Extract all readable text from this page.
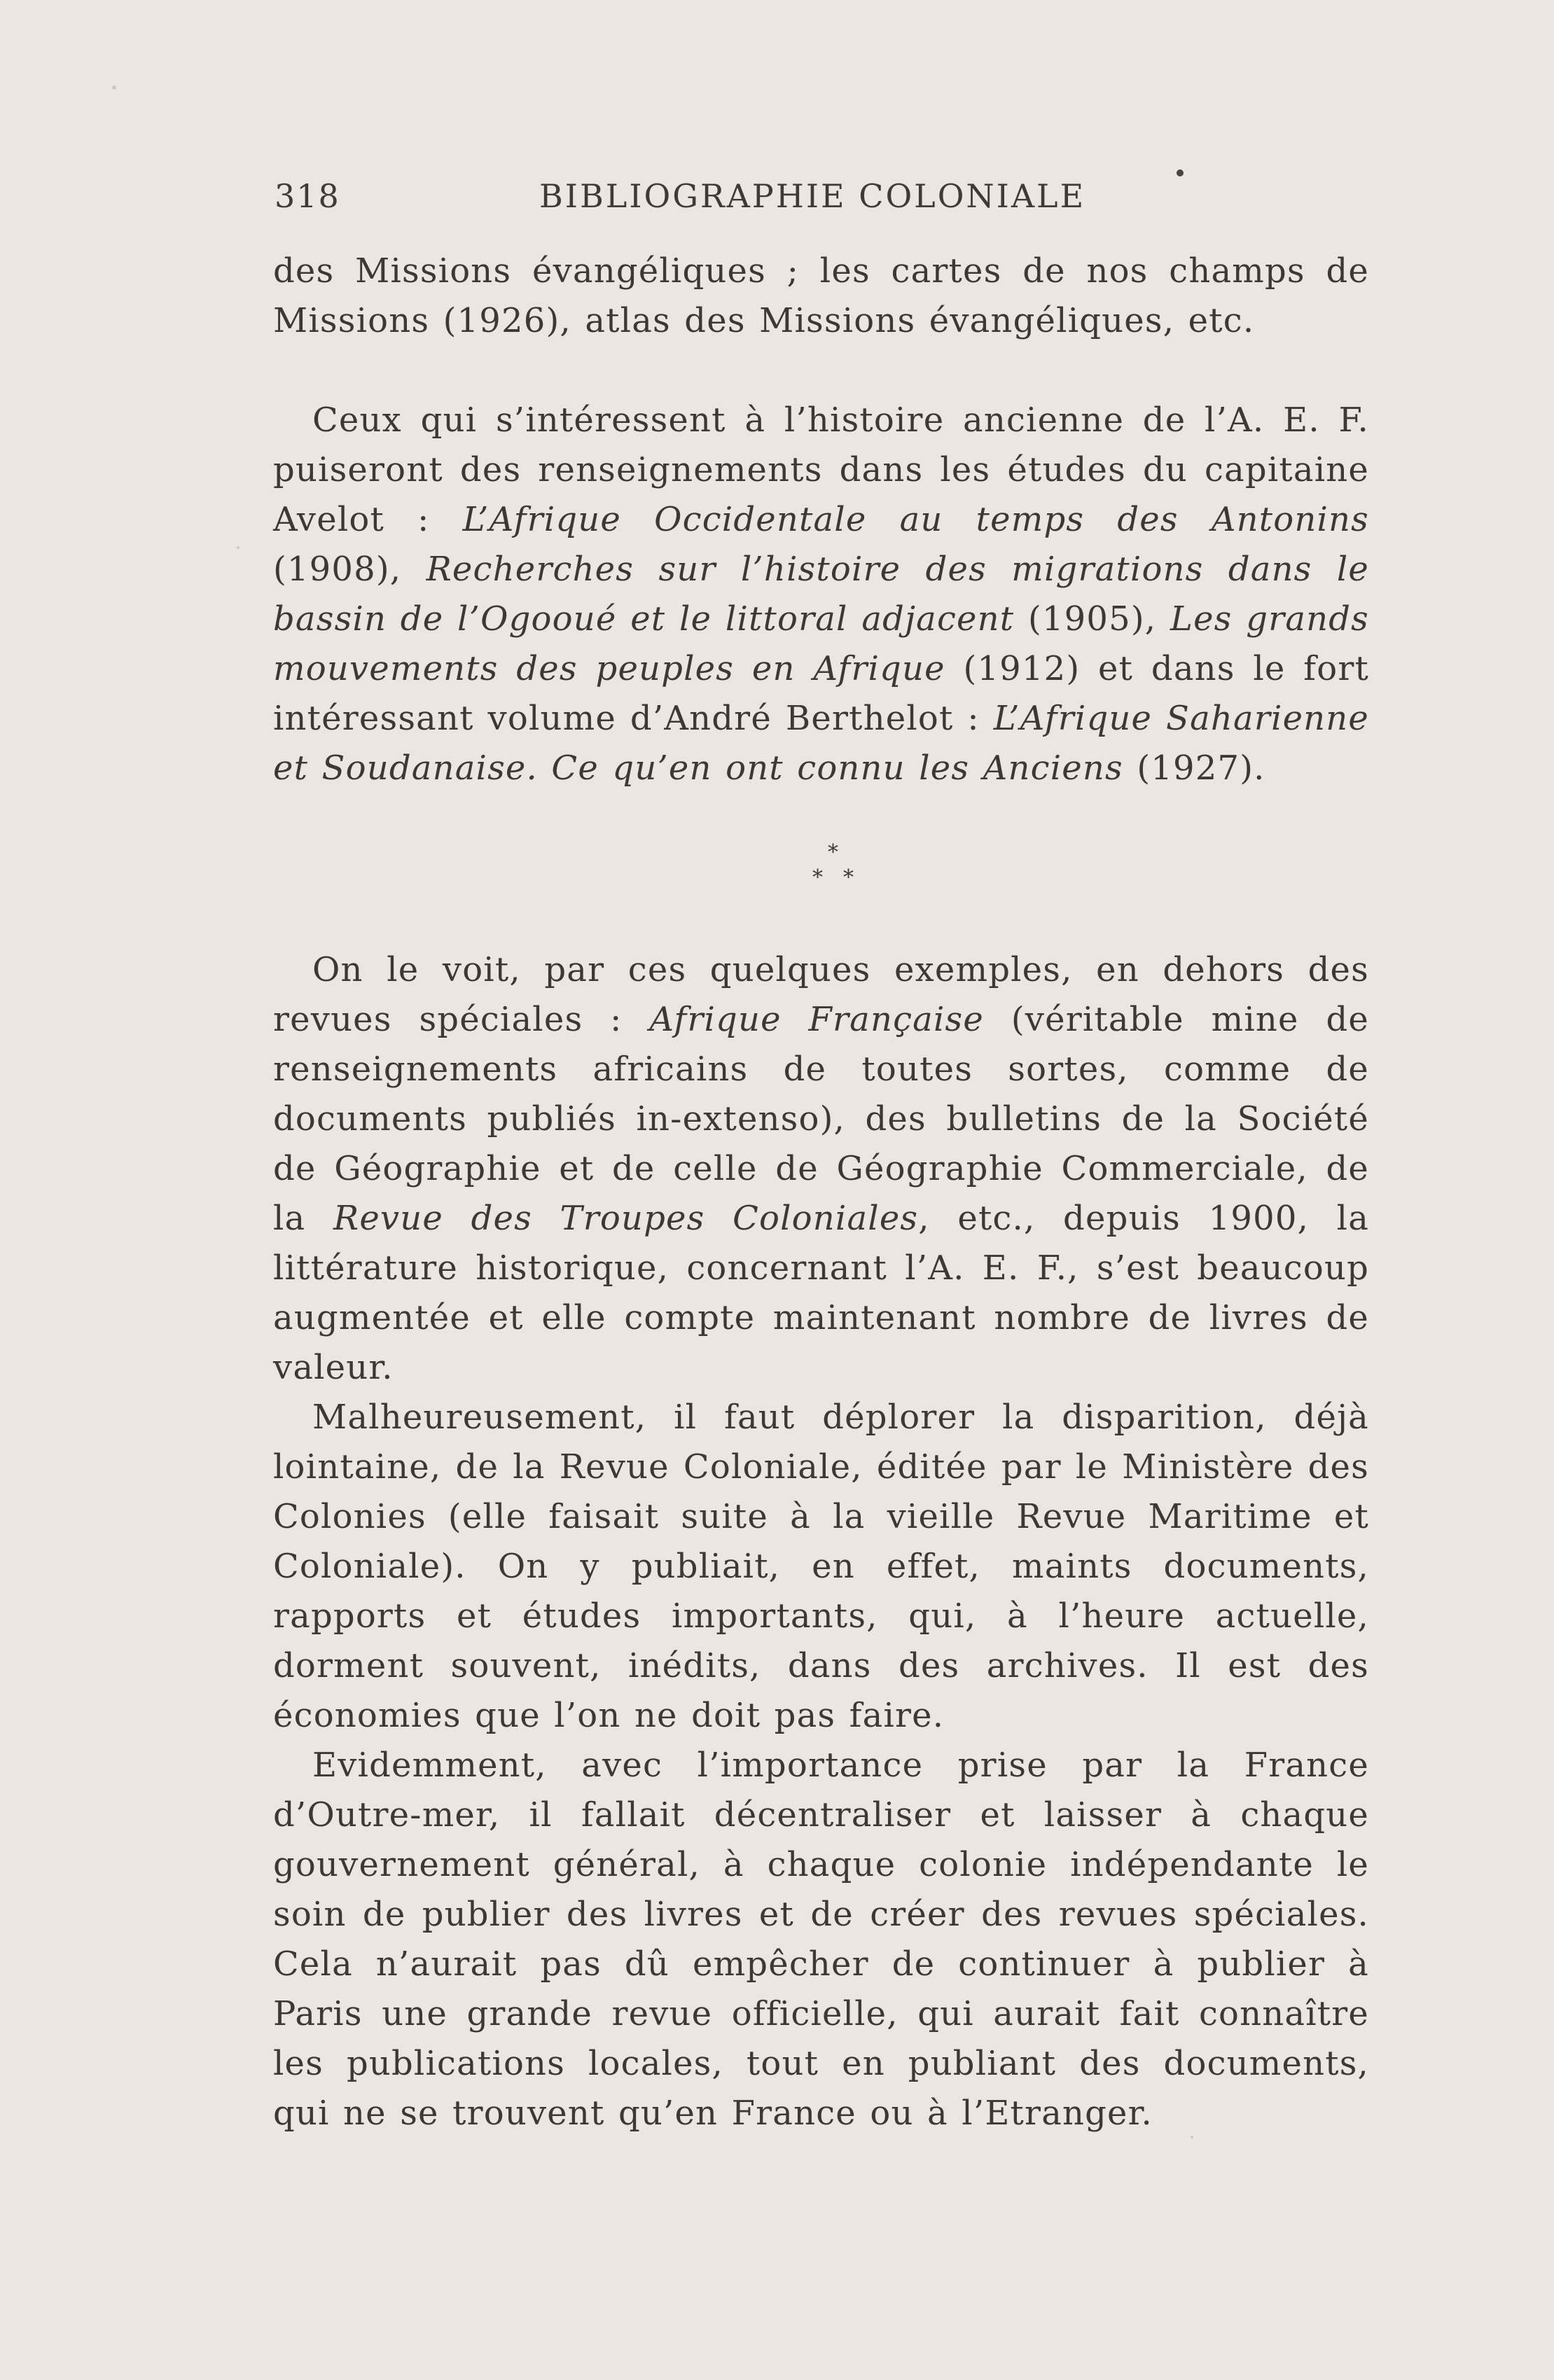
318	BIBLIOGRAPHIE COLONIALE

des Missions évangéliques ; les cartes de nos champs de Missions (1926), atlas des Missions évangéliques, etc.

Ceux qui s’intéressent à l’histoire ancienne de l’A. E. F. puiseront des renseignements dans les études du capitaine Avelot : L’Afrique Occidentale au temps des Antonins (1908), Recherches sur l’histoire des migrations dans le bassin de l’Ogooué et le littoral adjacent (1905), Les grands mouvements des peuples en Afrique (1912) et dans le fort intéressant volume d’André Berthelot : L’Afrique Saharienne et Soudanaise. Ce qu’en ont connu les Anciens (1927).

*
* *

On le voit, par ces quelques exemples, en dehors des revues spéciales : Afrique Française (véritable mine de renseignements africains de toutes sortes, comme de documents publiés in-extenso), des bulletins de la Société de Géographie et de celle de Géographie Commerciale, de la Revue des Troupes Coloniales, etc., depuis 1900, la littérature historique, concernant l’A. E. F., s’est beaucoup augmentée et elle compte maintenant nombre de livres de valeur.

Malheureusement, il faut déplorer la disparition, déjà lointaine, de la Revue Coloniale, éditée par le Ministère des Colonies (elle faisait suite à la vieille Revue Maritime et Coloniale). On y publiait, en effet, maints documents, rapports et études importants, qui, à l’heure actuelle, dorment souvent, inédits, dans des archives. Il est des économies que l’on ne doit pas faire.

Evidemment, avec l’importance prise par la France d’Outre-mer, il fallait décentraliser et laisser à chaque gouvernement général, à chaque colonie indépendante le soin de publier des livres et de créer des revues spéciales. Cela n’aurait pas dû empêcher de continuer à publier à Paris une grande revue officielle, qui aurait fait connaître les publications locales, tout en publiant des documents, qui ne se trouvent qu’en France ou à l’Etranger.
